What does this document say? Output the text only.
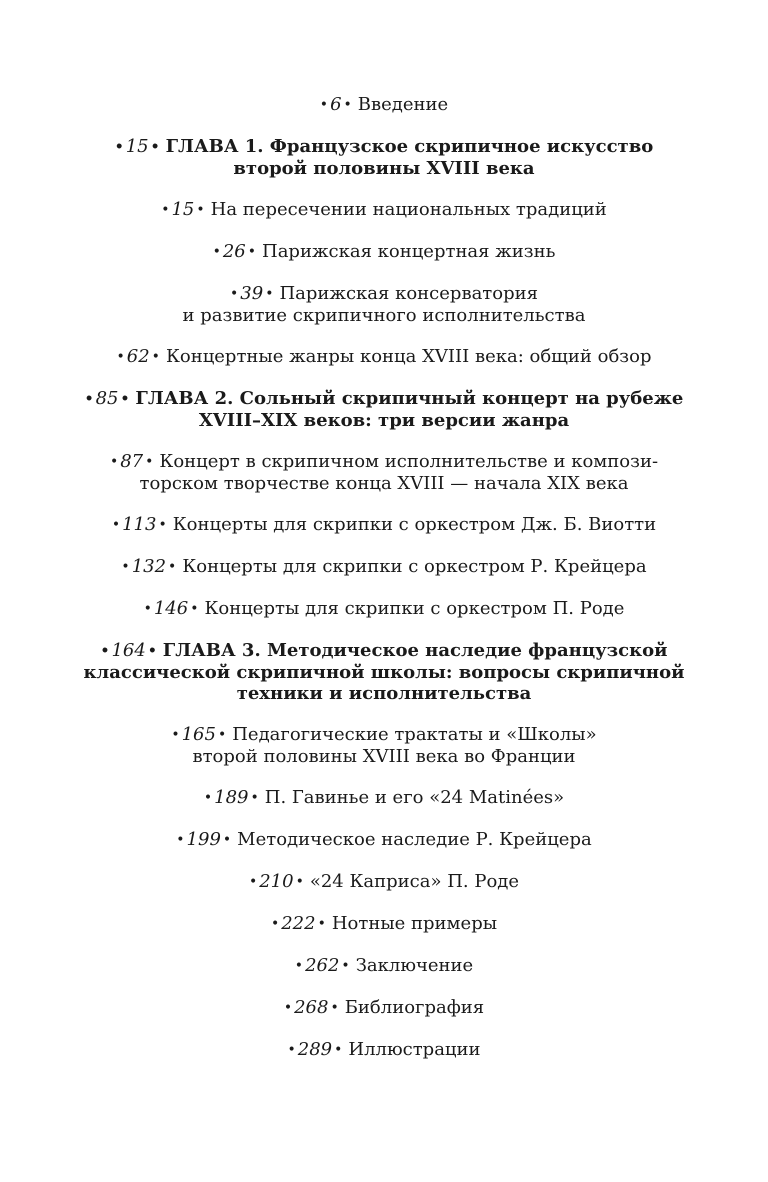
• 6 • Введение
• 15 • ГЛАВА 1. Французское скрипичное искусство
второй половины XVIII века
• 15 • На пересечении национальных традиций
• 26 • Парижская концертная жизнь
• 39 • Парижская консерватория
и развитие скрипичного исполнительства
• 62 • Концертные жанры конца XVIII века: общий обзор
• 85 • ГЛАВА 2. Сольный скрипичный концерт на рубеже
XVIII–XIX веков: три версии жанра
• 87 • Концерт в скрипичном исполнительстве и компози-
торском творчестве конца XVIII — начала XIX века
• 113 • Концерты для скрипки с оркестром Дж. Б. Виотти
• 132 • Концерты для скрипки с оркестром Р. Крейцера
• 146 • Концерты для скрипки с оркестром П. Роде
• 164 • ГЛАВА 3. Методическое наследие французской
классической скрипичной школы: вопросы скрипичной
техники и исполнительства
• 165 • Педагогические трактаты и «Школы»
второй половины XVIII века во Франции
• 189 • П. Гавинье и его «24 Matinées»
• 199 • Методическое наследие Р. Крейцера
• 210 • «24 Каприса» П. Роде
• 222 • Нотные примеры
• 262 • Заключение
• 268 • Библиография
• 289 • Иллюстрации
